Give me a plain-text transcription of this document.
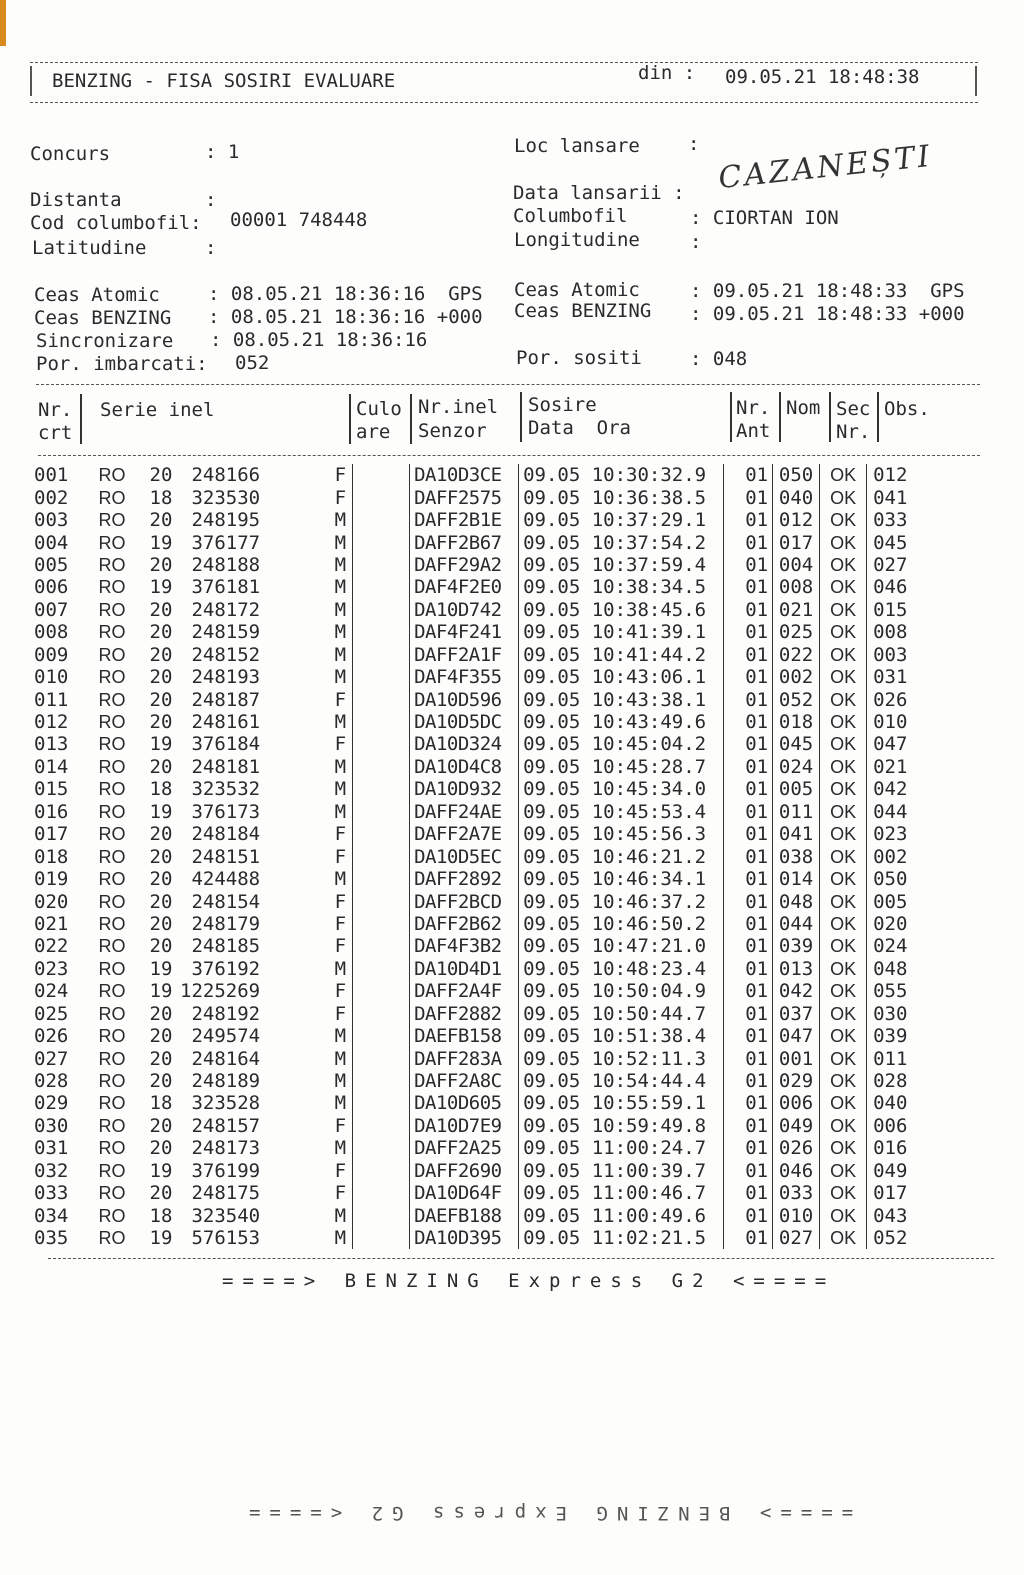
BENZING - FISA SOSIRI EVALUARE	din : 09.05.21 18:48:38
Concurs	: 1
Distanta	:
Cod columbofil: 00001 748448
Latitudine	:
Loc lansare	: CAZANEȘTI
Data lansarii :
Columbofil	: CIORTAN ION
Longitudine	:
Ceas Atomic	: 08.05.21 18:36:16  GPS
Ceas BENZING : 08.05.21 18:36:16 +000
Sincronizare : 08.05.21 18:36:16
Por. imbarcati: 052
Ceas Atomic	: 09.05.21 18:48:33  GPS
Ceas BENZING : 09.05.21 18:48:33 +000
Por. sositi	: 048
Nr.
crt
Serie inel	Culo
are
Nr.inel
Senzor
Sosire
Data  Ora
Nr.
Ant
Nom Sec
Nr.
Obs.
001	RO	20	248166	F		DA10D3CE	09.05 10:30:32.9	01	050	OK	012
002	RO	18	323530	F		DAFF2575	09.05 10:36:38.5	01	040	OK	041
003	RO	20	248195	M		DAFF2B1E	09.05 10:37:29.1	01	012	OK	033
004	RO	19	376177	M		DAFF2B67	09.05 10:37:54.2	01	017	OK	045
005	RO	20	248188	M		DAFF29A2	09.05 10:37:59.4	01	004	OK	027
006	RO	19	376181	M		DAF4F2E0	09.05 10:38:34.5	01	008	OK	046
007	RO	20	248172	M		DA10D742	09.05 10:38:45.6	01	021	OK	015
008	RO	20	248159	M		DAF4F241	09.05 10:41:39.1	01	025	OK	008
009	RO	20	248152	M		DAFF2A1F	09.05 10:41:44.2	01	022	OK	003
010	RO	20	248193	M		DAF4F355	09.05 10:43:06.1	01	002	OK	031
011	RO	20	248187	F		DA10D596	09.05 10:43:38.1	01	052	OK	026
012	RO	20	248161	M		DA10D5DC	09.05 10:43:49.6	01	018	OK	010
013	RO	19	376184	F		DA10D324	09.05 10:45:04.2	01	045	OK	047
014	RO	20	248181	M		DA10D4C8	09.05 10:45:28.7	01	024	OK	021
015	RO	18	323532	M		DA10D932	09.05 10:45:34.0	01	005	OK	042
016	RO	19	376173	M		DAFF24AE	09.05 10:45:53.4	01	011	OK	044
017	RO	20	248184	F		DAFF2A7E	09.05 10:45:56.3	01	041	OK	023
018	RO	20	248151	F		DA10D5EC	09.05 10:46:21.2	01	038	OK	002
019	RO	20	424488	M		DAFF2892	09.05 10:46:34.1	01	014	OK	050
020	RO	20	248154	F		DAFF2BCD	09.05 10:46:37.2	01	048	OK	005
021	RO	20	248179	F		DAFF2B62	09.05 10:46:50.2	01	044	OK	020
022	RO	20	248185	F		DAF4F3B2	09.05 10:47:21.0	01	039	OK	024
023	RO	19	376192	M		DA10D4D1	09.05 10:48:23.4	01	013	OK	048
024	RO	19	1225269	F		DAFF2A4F	09.05 10:50:04.9	01	042	OK	055
025	RO	20	248192	F		DAFF2882	09.05 10:50:44.7	01	037	OK	030
026	RO	20	249574	M		DAEFB158	09.05 10:51:38.4	01	047	OK	039
027	RO	20	248164	M		DAFF283A	09.05 10:52:11.3	01	001	OK	011
028	RO	20	248189	M		DAFF2A8C	09.05 10:54:44.4	01	029	OK	028
029	RO	18	323528	M		DA10D605	09.05 10:55:59.1	01	006	OK	040
030	RO	20	248157	F		DA10D7E9	09.05 10:59:49.8	01	049	OK	006
031	RO	20	248173	M		DAFF2A25	09.05 11:00:24.7	01	026	OK	016
032	RO	19	376199	F		DAFF2690	09.05 11:00:39.7	01	046	OK	049
033	RO	20	248175	F		DA10D64F	09.05 11:00:46.7	01	033	OK	017
034	RO	18	323540	M		DAEFB188	09.05 11:00:49.6	01	010	OK	043
035	RO	19	576153	M		DA10D395	09.05 11:02:21.5	01	027	OK	052
====> BENZING Express G2 <====
====> BENZING Express G2 <====
